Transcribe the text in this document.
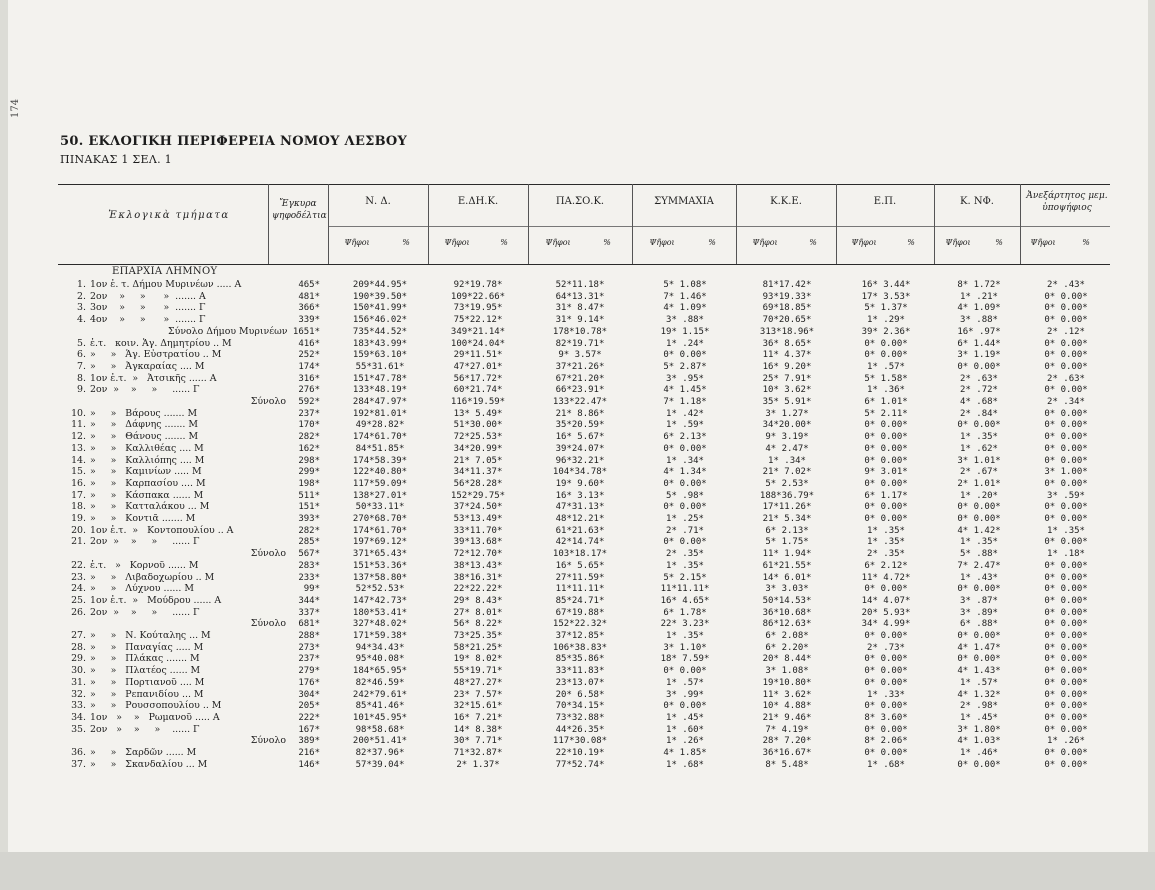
174
50. ΕΚΛΟΓΙΚΗ ΠΕΡΙΦΕΡΕΙΑ ΝΟΜΟΥ ΛΕΣΒΟΥ
ΠΙΝΑΚΑΣ 1 ΣΕΛ. 1
Ἐκλογικὰ τμήματα
Ἔγκυρα ψηφοδέλτια
Ν. Δ.	Ε.ΔΗ.Κ.	ΠΑ.ΣΟ.Κ.	ΣΥΜΜΑΧΙΑ	Κ.Κ.Ε.	Ε.Π.	Κ. ΝΦ.	Ἀνεξάρτητος μεμ. ὑποψήφιος
Ψῆφοι	%	Ψῆφοι	%	Ψῆφοι	%	Ψῆφοι	%	Ψῆφοι	%	Ψῆφοι	%	Ψῆφοι	%	Ψῆφοι	%
ΕΠΑΡΧΙΑ ΛΗΜΝΟΥ
1. 1ον ἐ. τ. Δήμου Μυρινέων ..... Α	465*	209*44.95*	92*19.78*	52*11.18*	5* 1.08*	81*17.42*	16* 3.44*	8* 1.72*	2* .43*
2. 2ον    »     »      »  ....... Α	481*	190*39.50*	109*22.66*	64*13.31*	7* 1.46*	93*19.33*	17* 3.53*	1* .21*	0* 0.00*
3. 3ον    »     »      »  ....... Γ	366*	150*41.99*	73*19.95*	31* 8.47*	4* 1.09*	69*18.85*	5* 1.37*	4* 1.09*	0* 0.00*
4. 4ον    »     »      »  ....... Γ	339*	156*46.02*	75*22.12*	31* 9.14*	3* .88*	70*20.65*	1* .29*	3* .88*	0* 0.00*
Σύνολο Δήμου Μυρινέων 1651*	735*44.52*	349*21.14*	178*10.78*	19* 1.15*	313*18.96*	39* 2.36*	16* .97*	2* .12*
5. ἐ.τ.   κοιν. Ἁγ. Δημητρίου .. Μ	416*	183*43.99*	100*24.04*	82*19.71*	1* .24*	36* 8.65*	0* 0.00*	6* 1.44*	0* 0.00*
6. »     »   Ἁγ. Εὐστρατίου .. Μ	252*	159*63.10*	29*11.51*	9* 3.57*	0* 0.00*	11* 4.37*	0* 0.00*	3* 1.19*	0* 0.00*
7. »     »   Ἀγκαραίας .... Μ	174*	55*31.61*	47*27.01*	37*21.26*	5* 2.87*	16* 9.20*	1* .57*	0* 0.00*	0* 0.00*
8. 1ον ἐ.τ.  »   Ἀτσικῆς ...... Α	316*	151*47.78*	56*17.72*	67*21.20*	3* .95*	25* 7.91*	5* 1.58*	2* .63*	2* .63*
9. 2ον  »    »     »     ...... Γ	276*	133*48.19*	60*21.74*	66*23.91*	4* 1.45*	10* 3.62*	1* .36*	2* .72*	0* 0.00*
Σύνολο	592*	284*47.97*	116*19.59*	133*22.47*	7* 1.18*	35* 5.91*	6* 1.01*	4* .68*	2* .34*
10. »     »   Βάρους ....... Μ	237*	192*81.01*	13* 5.49*	21* 8.86*	1* .42*	3* 1.27*	5* 2.11*	2* .84*	0* 0.00*
11. »     »   Δάφνης ....... Μ	170*	49*28.82*	51*30.00*	35*20.59*	1* .59*	34*20.00*	0* 0.00*	0* 0.00*	0* 0.00*
12. »     »   Θάνους ....... Μ	282*	174*61.70*	72*25.53*	16* 5.67*	6* 2.13*	9* 3.19*	0* 0.00*	1* .35*	0* 0.00*
13. »     »   Καλλιθέας .... Μ	162*	84*51.85*	34*20.99*	39*24.07*	0* 0.00*	4* 2.47*	0* 0.00*	1* .62*	0* 0.00*
14. »     »   Καλλιόπης .... Μ	298*	174*58.39*	21* 7.05*	96*32.21*	1* .34*	1* .34*	0* 0.00*	3* 1.01*	0* 0.00*
15. »     »   Καμινίων ..... Μ	299*	122*40.80*	34*11.37*	104*34.78*	4* 1.34*	21* 7.02*	9* 3.01*	2* .67*	3* 1.00*
16. »     »   Καρπασίου .... Μ	198*	117*59.09*	56*28.28*	19* 9.60*	0* 0.00*	5* 2.53*	0* 0.00*	2* 1.01*	0* 0.00*
17. »     »   Κάσπακα ...... Μ	511*	138*27.01*	152*29.75*	16* 3.13*	5* .98*	188*36.79*	6* 1.17*	1* .20*	3* .59*
18. »     »   Κατταλάκου ... Μ	151*	50*33.11*	37*24.50*	47*31.13*	0* 0.00*	17*11.26*	0* 0.00*	0* 0.00*	0* 0.00*
19. »     »   Κοντιᾶ ....... Μ	393*	270*68.70*	53*13.49*	48*12.21*	1* .25*	21* 5.34*	0* 0.00*	0* 0.00*	0* 0.00*
20. 1ον ἐ.τ.  »   Κοντοπουλίου .. Α	282*	174*61.70*	33*11.70*	61*21.63*	2* .71*	6* 2.13*	1* .35*	4* 1.42*	1* .35*
21. 2ον  »    »     »     ...... Γ	285*	197*69.12*	39*13.68*	42*14.74*	0* 0.00*	5* 1.75*	1* .35*	1* .35*	0* 0.00*
Σύνολο	567*	371*65.43*	72*12.70*	103*18.17*	2* .35*	11* 1.94*	2* .35*	5* .88*	1* .18*
22. ἐ.τ.   »   Κορνοῦ ...... Μ	283*	151*53.36*	38*13.43*	16* 5.65*	1* .35*	61*21.55*	6* 2.12*	7* 2.47*	0* 0.00*
23. »     »   Λιβαδοχωρίου .. Μ	233*	137*58.80*	38*16.31*	27*11.59*	5* 2.15*	14* 6.01*	11* 4.72*	1* .43*	0* 0.00*
24. »     »   Λύχνου ...... Μ	99*	52*52.53*	22*22.22*	11*11.11*	11*11.11*	3* 3.03*	0* 0.00*	0* 0.00*	0* 0.00*
25. 1ον ἐ.τ.  »   Μούδρου ...... Α	344*	147*42.73*	29* 8.43*	85*24.71*	16* 4.65*	50*14.53*	14* 4.07*	3* .87*	0* 0.00*
26. 2ον  »    »     »     ...... Γ	337*	180*53.41*	27* 8.01*	67*19.88*	6* 1.78*	36*10.68*	20* 5.93*	3* .89*	0* 0.00*
Σύνολο	681*	327*48.02*	56* 8.22*	152*22.32*	22* 3.23*	86*12.63*	34* 4.99*	6* .88*	0* 0.00*
27. »     »   Ν. Κούταλης ... Μ	288*	171*59.38*	73*25.35*	37*12.85*	1* .35*	6* 2.08*	0* 0.00*	0* 0.00*	0* 0.00*
28. »     »   Παναγίας ..... Μ	273*	94*34.43*	58*21.25*	106*38.83*	3* 1.10*	6* 2.20*	2* .73*	4* 1.47*	0* 0.00*
29. »     »   Πλάκας ....... Μ	237*	95*40.08*	19* 8.02*	85*35.86*	18* 7.59*	20* 8.44*	0* 0.00*	0* 0.00*	0* 0.00*
30. »     »   Πλατέος ...... Μ	279*	184*65.95*	55*19.71*	33*11.83*	0* 0.00*	3* 1.08*	0* 0.00*	4* 1.43*	0* 0.00*
31. »     »   Πορτιανοῦ .... Μ	176*	82*46.59*	48*27.27*	23*13.07*	1* .57*	19*10.80*	0* 0.00*	1* .57*	0* 0.00*
32. »     »   Ρεπανιδίου ... Μ	304*	242*79.61*	23* 7.57*	20* 6.58*	3* .99*	11* 3.62*	1* .33*	4* 1.32*	0* 0.00*
33. »     »   Ρουσσοπουλίου .. Μ	205*	85*41.46*	32*15.61*	70*34.15*	0* 0.00*	10* 4.88*	0* 0.00*	2* .98*	0* 0.00*
34. 1ον   »    »   Ρωμανοῦ ..... Α	222*	101*45.95*	16* 7.21*	73*32.88*	1* .45*	21* 9.46*	8* 3.60*	1* .45*	0* 0.00*
35. 2ον   »    »     »    ...... Γ	167*	98*58.68*	14* 8.38*	44*26.35*	1* .60*	7* 4.19*	0* 0.00*	3* 1.80*	0* 0.00*
Σύνολο	389*	200*51.41*	30* 7.71*	117*30.08*	1* .26*	28* 7.20*	8* 2.06*	4* 1.03*	1* .26*
36. »     »   Σαρδῶν ...... Μ	216*	82*37.96*	71*32.87*	22*10.19*	4* 1.85*	36*16.67*	0* 0.00*	1* .46*	0* 0.00*
37. »     »   Σκανδαλίου ... Μ	146*	57*39.04*	2* 1.37*	77*52.74*	1* .68*	8* 5.48*	1* .68*	0* 0.00*	0* 0.00*
